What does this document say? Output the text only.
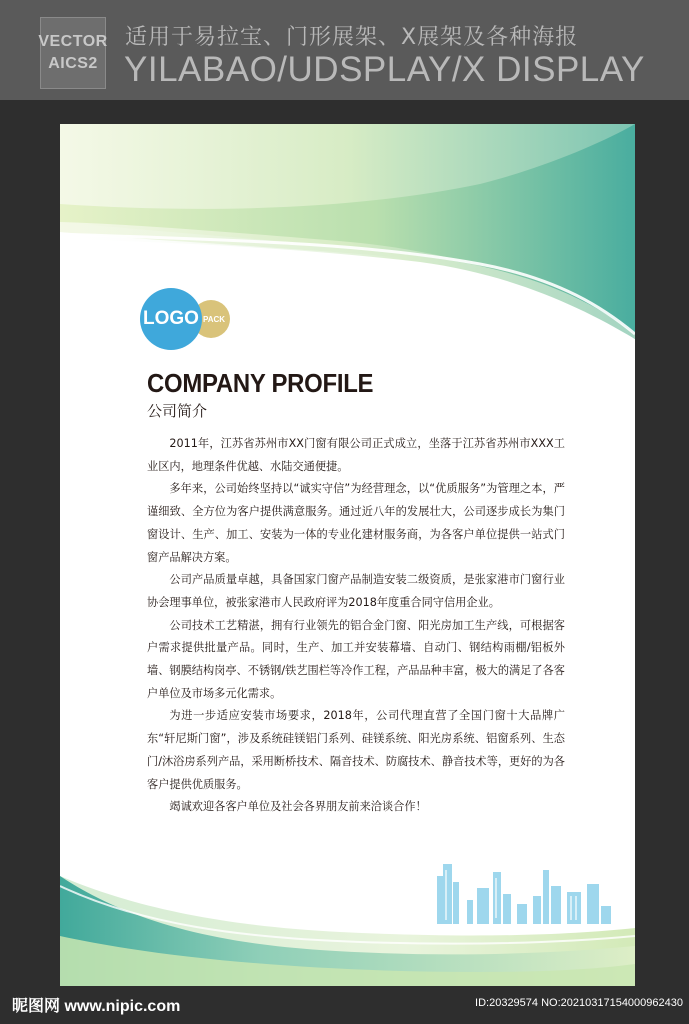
VECTOR
AICS2
适用于易拉宝、门形展架、X展架及各种海报
YILABAO/UDSPLAY/X DISPLAY
LOGO PACK
COMPANY PROFILE
公司简介

2011年，江苏省苏州市XX门窗有限公司正式成立，坐落于江苏省苏州市XXX工业区内，地理条件优越、水陆交通便捷。

多年来，公司始终坚持以“诚实守信”为经营理念，以“优质服务”为管理之本，严谨细致、全方位为客户提供满意服务。通过近八年的发展壮大，公司逐步成长为集门窗设计、生产、加工、安装为一体的专业化建材服务商，为各客户单位提供一站式门窗产品解决方案。

公司产品质量卓越，具备国家门窗产品制造安装二级资质，是张家港市门窗行业协会理事单位，被张家港市人民政府评为2018年度重合同守信用企业。

公司技术工艺精湛，拥有行业领先的铝合金门窗、阳光房加工生产线，可根据客户需求提供批量产品。同时，生产、加工并安装幕墙、自动门、钢结构雨棚/铝板外墙、钢膜结构岗亭、不锈钢/铁艺围栏等冷作工程，产品品种丰富，极大的满足了各客户单位及市场多元化需求。

为进一步适应安装市场要求，2018年，公司代理直营了全国门窗十大品牌广东“轩尼斯门窗”，涉及系统硅镁铝门系列、硅镁系统、阳光房系统、铝窗系列、生态门/沐浴房系列产品，采用断桥技术、隔音技术、防腐技术、静音技术等，更好的为各客户提供优质服务。

竭诚欢迎各客户单位及社会各界朋友前来洽谈合作！

昵图网 www.nipic.com	ID:20329574 NO:20210317154000962430
